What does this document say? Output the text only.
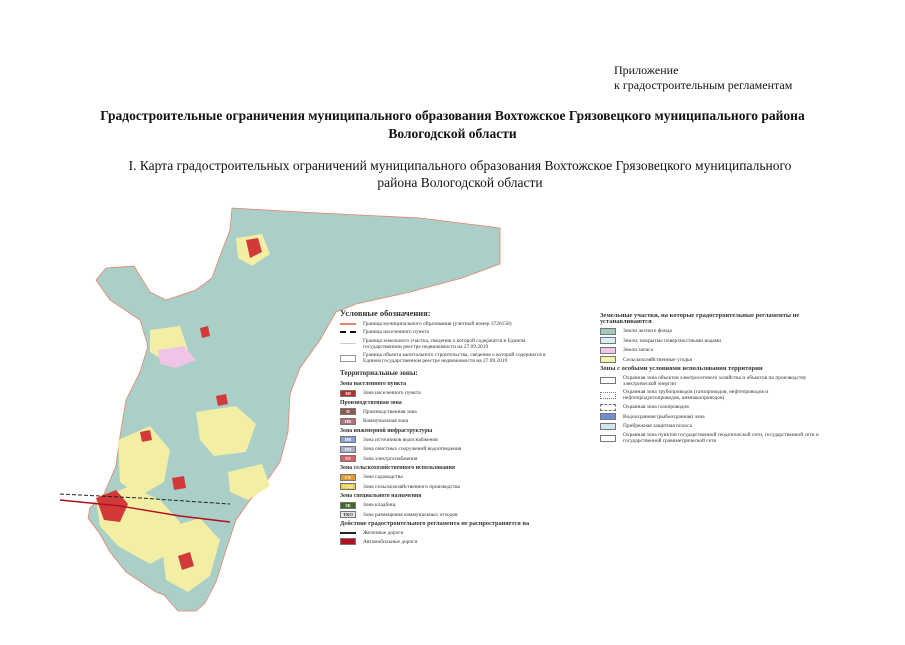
Приложение
к градостроительным регламентам
Градостроительные ограничения муниципального образования Вохтожское Грязовецкого муниципального района
Вологодской области
I. Карта градостроительных ограничений муниципального образования Вохтожское Грязовецкого муниципального
района Вологодской области
Условные обозначения:
Граница муниципального образования (учетный номер 3726158)
Граница населенного пункта
Граница земельного участка, сведения о которой содержатся в Едином государственном реестре недвижимости на 27.09.2019
Граница объекта капитального строительства, сведения о которой содержатся в Едином государственном реестре недвижимости на 27.09.2019
Территориальные зоны:
Зона населенного пункта
ЗН	Зона населенного пункта
Производственная зона
П	Производственная зона
ПК	Коммунальная зона
Зона инженерной инфраструктуры
ИВ	Зона источников водоснабжения
ОЧ	Зона очистных сооружений водоотведения
ЗЭ	Зона электроснабжения
Зона сельскохозяйственного использования
СХ	Зона садоводства
СХП	Зона сельскохозяйственного производства
Зона специального назначения
ЗК	Зона кладбищ
ТКО	Зона размещения коммунальных отходов
Действие градостроительного регламента не распространяется на
Железные дороги
Автомобильные дороги
Земельные участки, на которые градостроительные регламенты не устанавливаются
Земли лесного фонда
Земли, покрытые поверхностными водами
Земли запаса
Сельскохозяйственные угодья
Зоны с особыми условиями использования территории
Охранная зона объектов электросетевого хозяйства и объектов по производству электрической энергии
Охранная зона трубопроводов (газопроводов, нефтепроводов и нефтепродуктопроводов, аммиакопроводов)
Охранная зона газопроводов
Водоохранная (рыбоохранная) зона
Прибрежная защитная полоса
Охранная зона пунктов государственной геодезической сети, государственной сети и государственной гравиметрической сети
